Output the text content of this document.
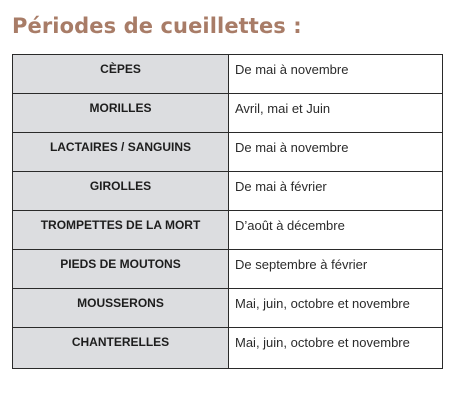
Périodes de cueillettes :
CÈPES	De mai à novembre
MORILLES	Avril, mai et Juin
LACTAIRES / SANGUINS	De mai à novembre
GIROLLES	De mai à février
TROMPETTES DE LA MORT	D’août à décembre
PIEDS DE MOUTONS	De septembre à février
MOUSSERONS	Mai, juin, octobre et novembre
CHANTERELLES	Mai, juin, octobre et novembre
